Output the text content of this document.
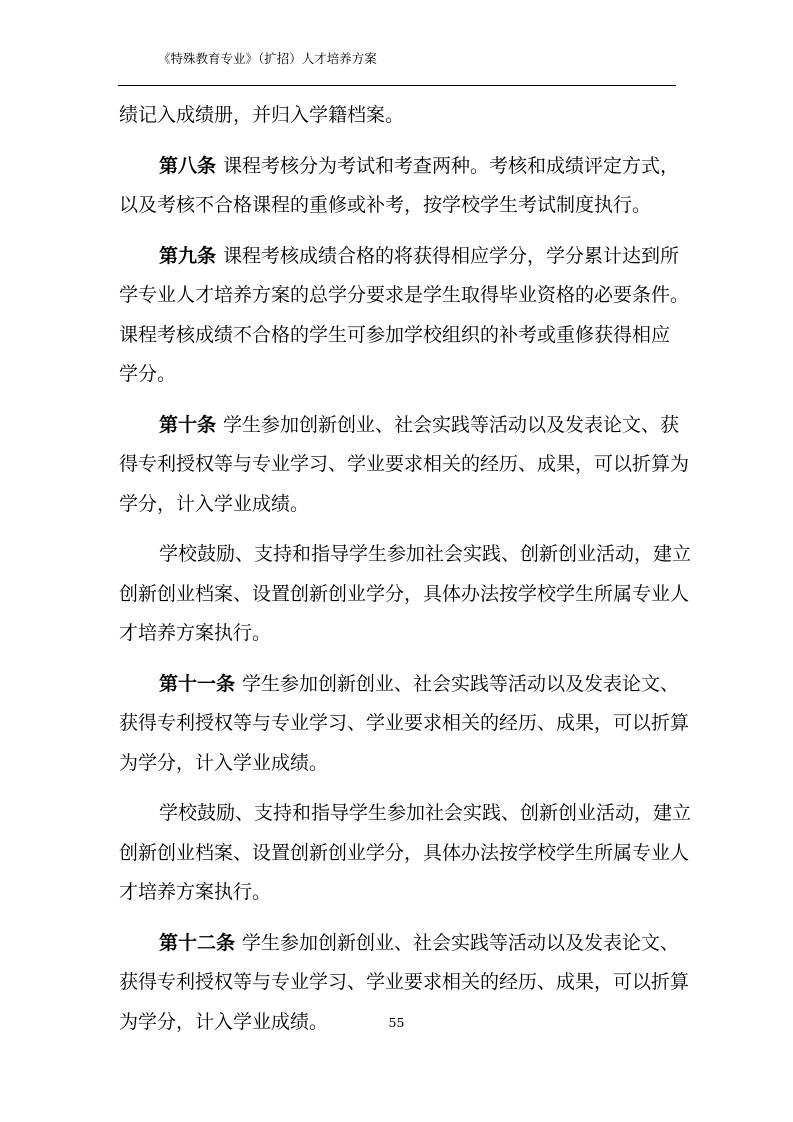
《特殊教育专业》（扩招）人才培养方案
绩记入成绩册，并归入学籍档案。
第八条 课程考核分为考试和考查两种。考核和成绩评定方式，
以及考核不合格课程的重修或补考，按学校学生考试制度执行。
第九条 课程考核成绩合格的将获得相应学分，学分累计达到所
学专业人才培养方案的总学分要求是学生取得毕业资格的必要条件。
课程考核成绩不合格的学生可参加学校组织的补考或重修获得相应
学分。
第十条 学生参加创新创业、社会实践等活动以及发表论文、获
得专利授权等与专业学习、学业要求相关的经历、成果，可以折算为
学分，计入学业成绩。
学校鼓励、支持和指导学生参加社会实践、创新创业活动，建立
创新创业档案、设置创新创业学分，具体办法按学校学生所属专业人
才培养方案执行。
第十一条 学生参加创新创业、社会实践等活动以及发表论文、
获得专利授权等与专业学习、学业要求相关的经历、成果，可以折算
为学分，计入学业成绩。
学校鼓励、支持和指导学生参加社会实践、创新创业活动，建立
创新创业档案、设置创新创业学分，具体办法按学校学生所属专业人
才培养方案执行。
第十二条 学生参加创新创业、社会实践等活动以及发表论文、
获得专利授权等与专业学习、学业要求相关的经历、成果，可以折算
为学分，计入学业成绩。	55
